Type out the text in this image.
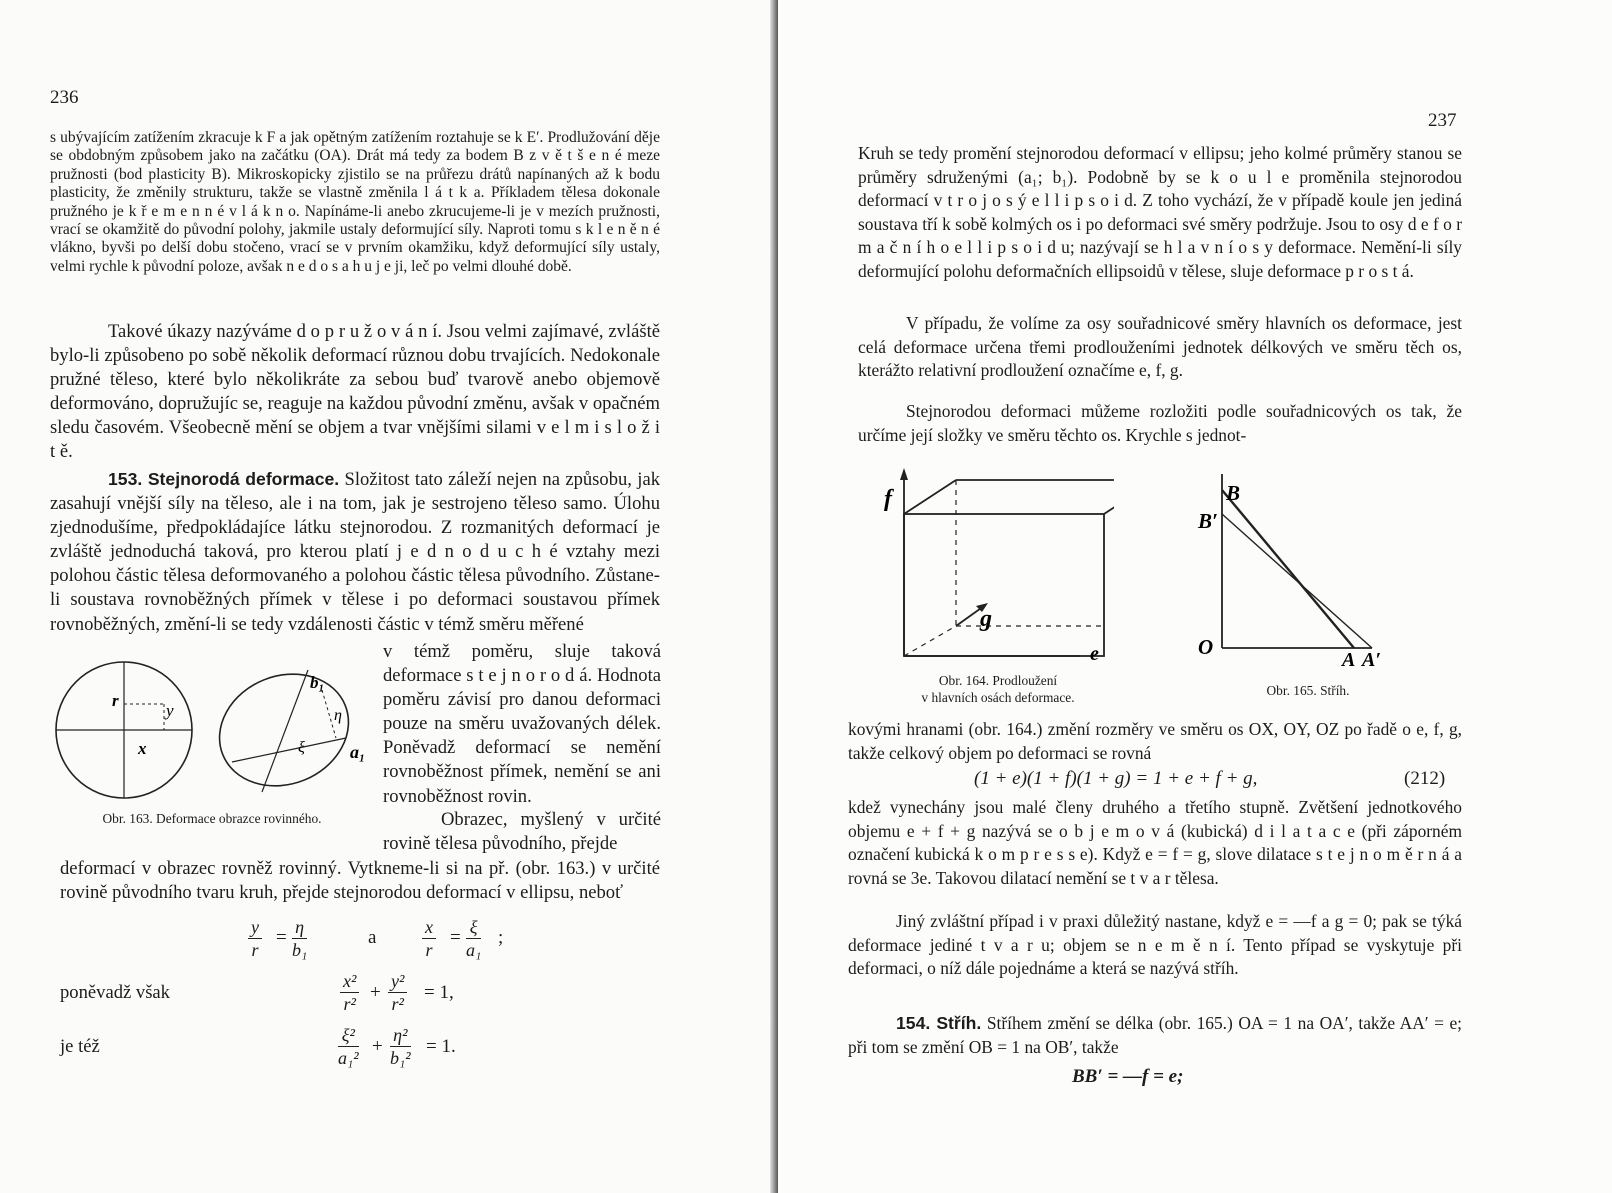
236

s ubývajícím zatížením zkracuje k F a jak opětným zatížením roztahuje se k E′. Prodlužování děje se obdobným způsobem jako na začátku (OA). Drát má tedy za bodem B z v ě t š e n é meze pružnosti (bod plasticity B). Mikroskopicky zjistilo se na průřezu drátů napínaných až k bodu plasticity, že změnily strukturu, takže se vlastně změnila l á t k a. Příkladem tělesa dokonale pružného je k ř e m e n n é v l á k n o. Napínáme-li anebo zkrucujeme-li je v mezích pružnosti, vrací se okamžitě do původní polohy, jakmile ustaly deformující síly. Naproti tomu s k l e n ě n é vlákno, byvši po delší dobu stočeno, vrací se v prvním okamžiku, když deformující síly ustaly, velmi rychle k původní poloze, avšak n e d o s a h u j e ji, leč po velmi dlouhé době.

Takové úkazy nazýváme d o p r u ž o v á n í. Jsou velmi zajímavé, zvláště bylo-li způsobeno po sobě několik deformací různou dobu trvajících. Nedokonale pružné těleso, které bylo několikráte za sebou buď tvarově anebo objemově deformováno, dopružujíc se, reaguje na každou původní změnu, avšak v opačném sledu časovém. Všeobecně mění se objem a tvar vnějšími silami v e l m i s l o ž i t ě.

153. Stejnorodá deformace. Složitost tato záleží nejen na způsobu, jak zasahují vnější síly na těleso, ale i na tom, jak je sestrojeno těleso samo. Úlohu zjednodušíme, předpokládajíce látku stejnorodou. Z rozmanitých deformací je zvláště jednoduchá taková, pro kterou platí j e d n o d u c h é vztahy mezi polohou částic tělesa deformovaného a polohou částic tělesa původního. Zůstane-li soustava rovnoběžných přímek v tělese i po deformaci soustavou přímek rovnoběžných, změní-li se tedy vzdálenosti částic v témž směru měřené

r
y
x
b₁
η
ξ	a₁
Obr. 163. Deformace obrazce rovinného.

v témž poměru, sluje taková deformace s t e j n o r o d á. Hodnota poměru závisí pro danou deformaci pouze na směru uvažovaných délek. Poněvadž deformací se nemění rovnoběžnost přímek, nemění se ani rovnoběžnost rovin.

Obrazec, myšlený v určité rovině tělesa původního, přejde

deformací v obrazec rovněž rovinný. Vytkneme-li si na př. (obr. 163.) v určité rovině původního tvaru kruh, přejde stejnorodou deformací v ellipsu, neboť

$\frac{y}{r} = \frac{\eta}{\text{b₁}}$	a	$\frac{x}{r} = \frac{\xi}{\text{a₁}}$ ;
poněvadž však	$\frac{\text{x²}}{\text{r²}} + \frac{\text{y²}}{\text{r²}} = 1$,
je též	$\frac{\text{ξ²}}{\text{a₁²}} + \frac{\text{η²}}{\text{b₁²}} = 1$.
237

Kruh se tedy promění stejnorodou deformací v ellipsu; jeho kolmé průměry stanou se průměry sdruženými (a₁; b₁). Podobně by se k o u l e proměnila stejnorodou deformací v t r o j o s ý e l l i p s o i d. Z toho vychází, že v případě koule jen jediná soustava tří k sobě kolmých os i po deformaci své směry podržuje. Jsou to osy d e f o r m a č n í h o e l l i p s o i d u; nazývají se h l a v n í o s y deformace. Nemění-li síly deformující polohu deformačních ellipsoidů v tělese, sluje deformace p r o s t á.

V případu, že volíme za osy souřadnicové směry hlavních os deformace, jest celá deformace určena třemi prodlouženími jednotek délkových ve směru těch os, kterážto relativní prodloužení označíme e, f, g.

Stejnorodou deformaci můžeme rozložiti podle souřadnicových os tak, že určíme její složky ve směru těchto os. Krychle s jednot-

f
g
e
Obr. 164. Prodloužení
v hlavních osách deformace.
B
B′
O
A A′
Obr. 165. Stříh.

kovými hranami (obr. 164.) změní rozměry ve směru os OX, OY, OZ po řadě o e, f, g, takže celkový objem po deformaci se rovná

(1 + e)(1 + f)(1 + g) = 1 + e + f + g,	(212)

kdež vynechány jsou malé členy druhého a třetího stupně. Zvětšení jednotkového objemu e + f + g nazývá se o b j e m o v á (kubická) d i l a t a c e (při záporném označení kubická k o m p r e s s e). Když e = f = g, slove dilatace s t e j n o m ě r n á a rovná se 3e. Takovou dilatací nemění se t v a r tělesa.

Jiný zvláštní případ i v praxi důležitý nastane, když e = —f a g = 0; pak se týká deformace jediné t v a r u; objem se n e m ě n í. Tento případ se vyskytuje při deformaci, o níž dále pojednáme a která se nazývá stříh.

154. Stříh. Stříhem změní se délka (obr. 165.) OA = 1 na OA′, takže AA′ = e; při tom se změní OB = 1 na OB′, takže

BB′ = —f = e;
